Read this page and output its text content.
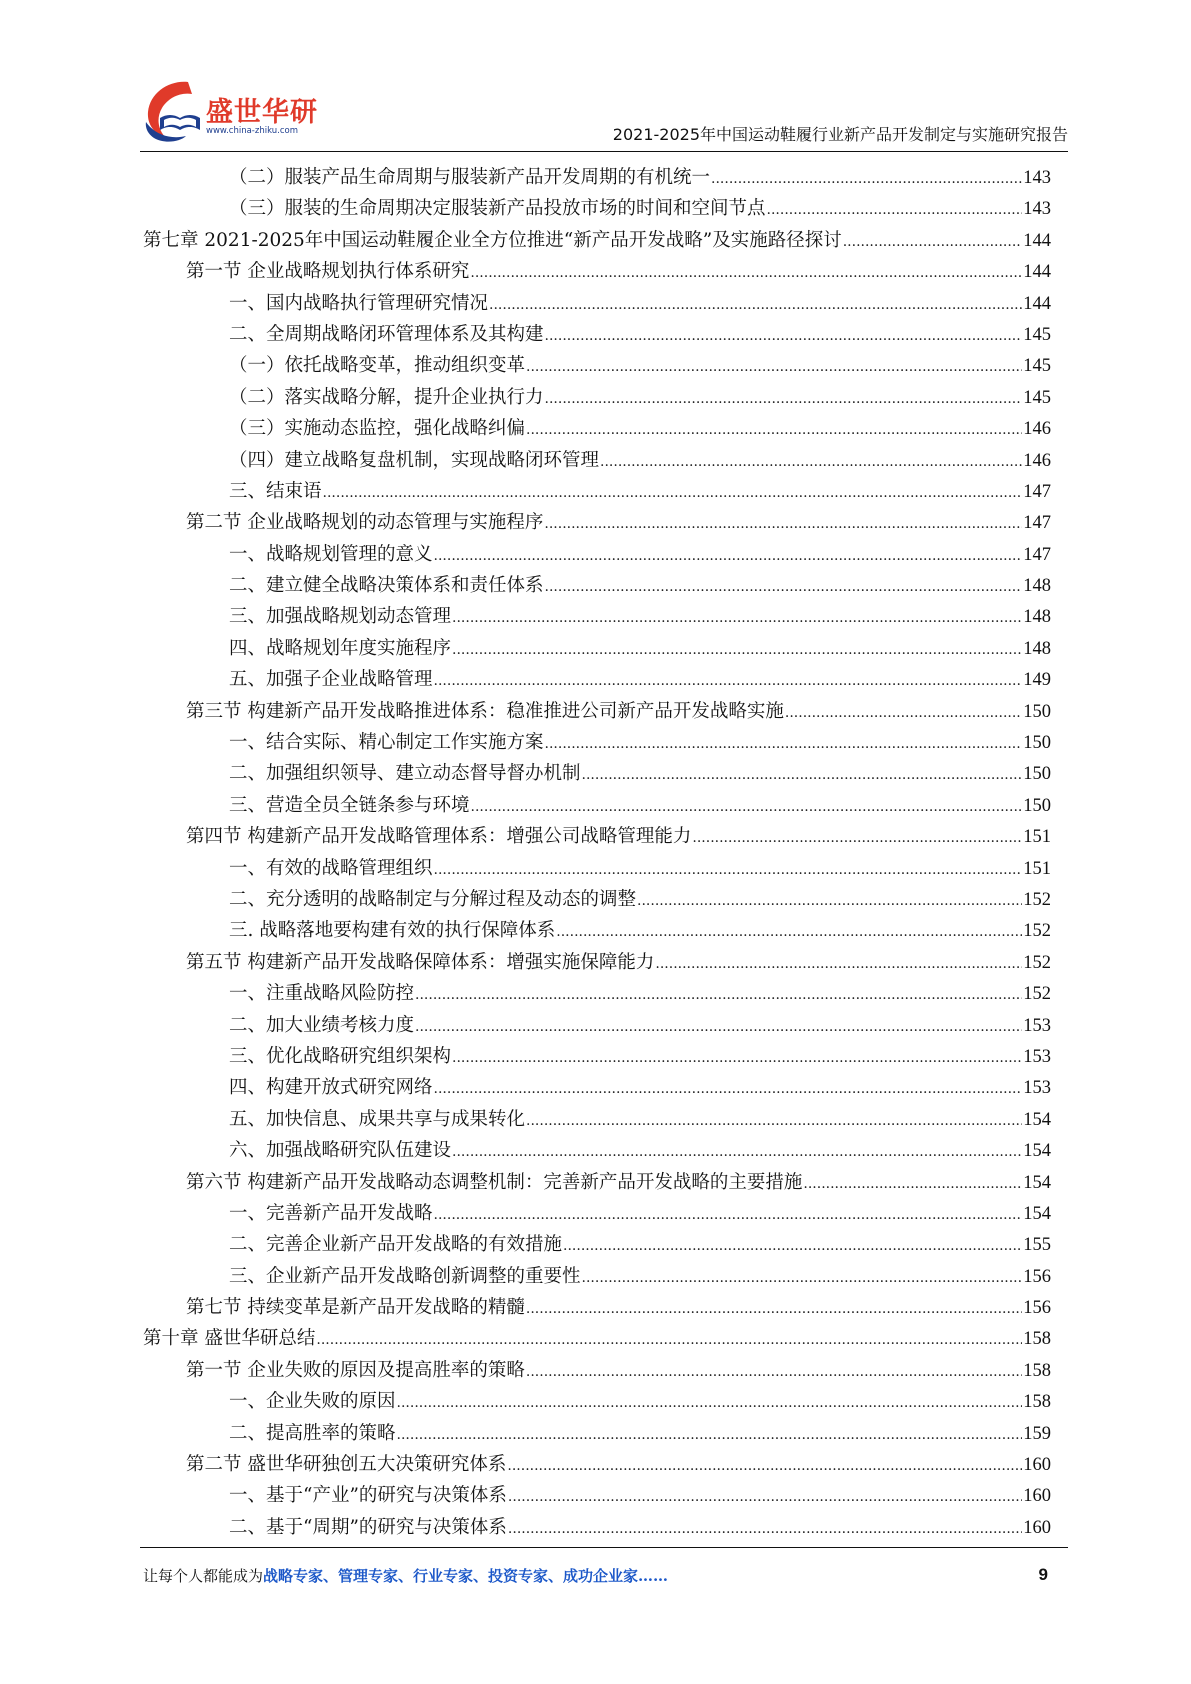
盛世华研
www.china-zhiku.com	2021-2025年中国运动鞋履行业新产品开发制定与实施研究报告
（二）服装产品生命周期与服装新产品开发周期的有机统一 .....	143
（三）服装的生命周期决定服装新产品投放市场的时间和空间节点 .....	143
第七章 2021-2025年中国运动鞋履企业全方位推进“新产品开发战略”及实施路径探讨 .....	144
第一节 企业战略规划执行体系研究 .....	144
一、国内战略执行管理研究情况 .....	144
二、全周期战略闭环管理体系及其构建 .....	145
（一）依托战略变革，推动组织变革 .....	145
（二）落实战略分解，提升企业执行力 .....	145
（三）实施动态监控，强化战略纠偏 .....	146
（四）建立战略复盘机制，实现战略闭环管理 .....	146
三、结束语 .....	147
第二节 企业战略规划的动态管理与实施程序 .....	147
一、战略规划管理的意义 .....	147
二、建立健全战略决策体系和责任体系 .....	148
三、加强战略规划动态管理 .....	148
四、战略规划年度实施程序 .....	148
五、加强子企业战略管理 .....	149
第三节 构建新产品开发战略推进体系：稳准推进公司新产品开发战略实施 .....	150
一、结合实际、精心制定工作实施方案 .....	150
二、加强组织领导、建立动态督导督办机制 .....	150
三、营造全员全链条参与环境 .....	150
第四节 构建新产品开发战略管理体系：增强公司战略管理能力 .....	151
一、有效的战略管理组织 .....	151
二、充分透明的战略制定与分解过程及动态的调整 .....	152
三. 战略落地要构建有效的执行保障体系 .....	152
第五节 构建新产品开发战略保障体系：增强实施保障能力 .....	152
一、注重战略风险防控 .....	152
二、加大业绩考核力度 .....	153
三、优化战略研究组织架构 .....	153
四、构建开放式研究网络 .....	153
五、加快信息、成果共享与成果转化 .....	154
六、加强战略研究队伍建设 .....	154
第六节 构建新产品开发战略动态调整机制：完善新产品开发战略的主要措施 .....	154
一、完善新产品开发战略 .....	154
二、完善企业新产品开发战略的有效措施 .....	155
三、企业新产品开发战略创新调整的重要性 .....	156
第七节 持续变革是新产品开发战略的精髓 .....	156
第十章 盛世华研总结 .....	158
第一节 企业失败的原因及提高胜率的策略 .....	158
一、企业失败的原因 .....	158
二、提高胜率的策略 .....	159
第二节 盛世华研独创五大决策研究体系 .....	160
一、基于“产业”的研究与决策体系 .....	160
二、基于“周期”的研究与决策体系 .....	160
让每个人都能成为战略专家、管理专家、行业专家、投资专家、成功企业家……	9
